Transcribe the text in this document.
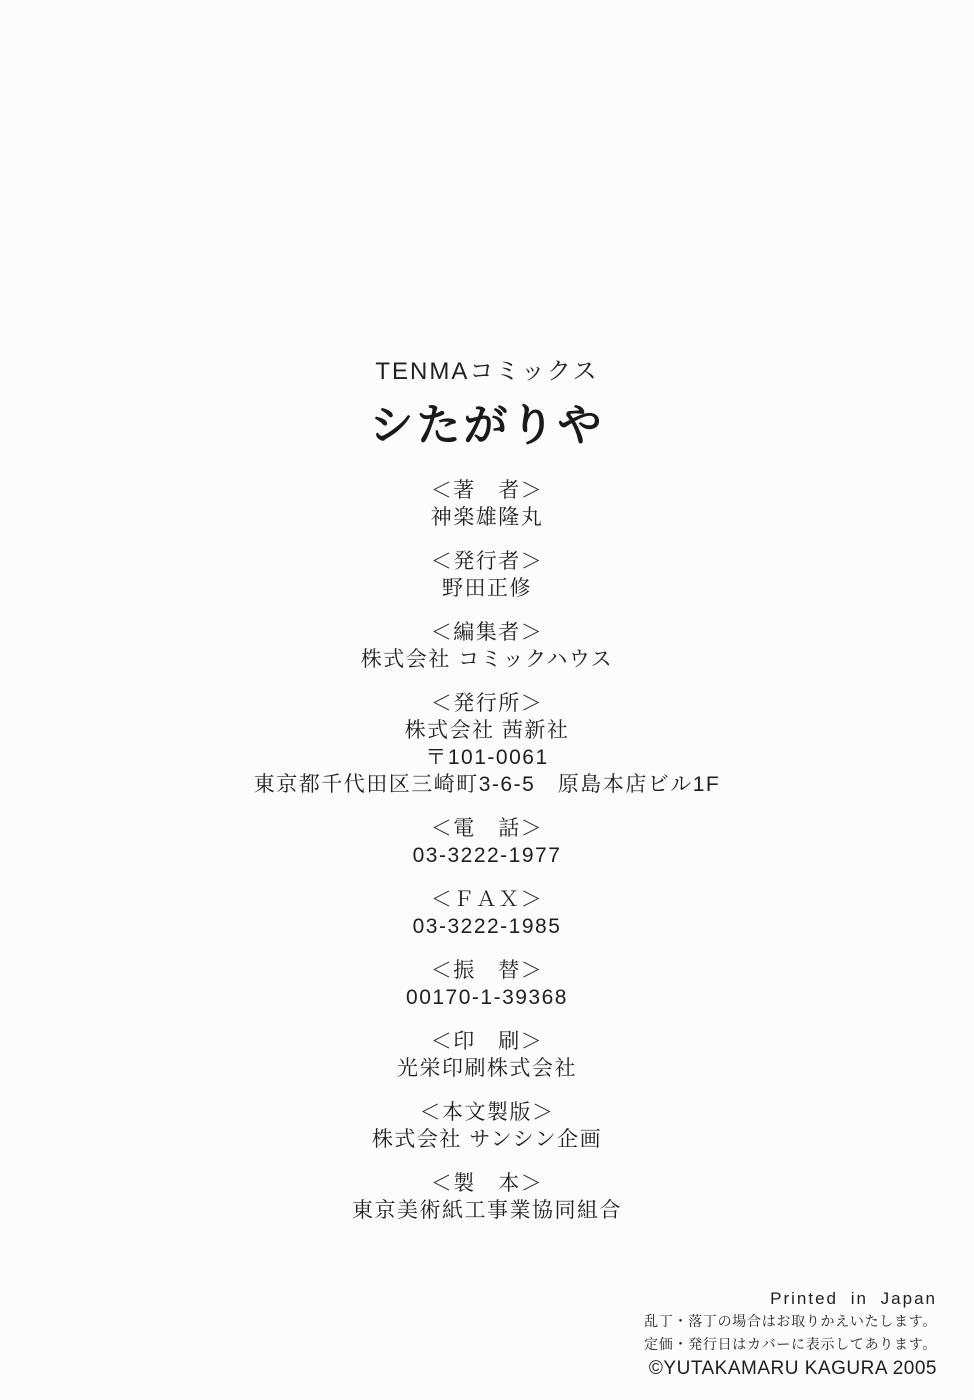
TENMAコミックス
シたがりや
＜著　者＞
神楽雄隆丸
＜発行者＞
野田正修
＜編集者＞
株式会社 コミックハウス
＜発行所＞
株式会社 茜新社
〒101-0061
東京都千代田区三崎町3-6-5　原島本店ビル1F
＜電　話＞
03-3222-1977
＜ＦＡＸ＞
03-3222-1985
＜振　替＞
00170-1-39368
＜印　刷＞
光栄印刷株式会社
＜本文製版＞
株式会社 サンシン企画
＜製　本＞
東京美術紙工事業協同組合
Printed in Japan
乱丁・落丁の場合はお取りかえいたします。
定価・発行日はカバーに表示してあります。
©YUTAKAMARU KAGURA 2005
